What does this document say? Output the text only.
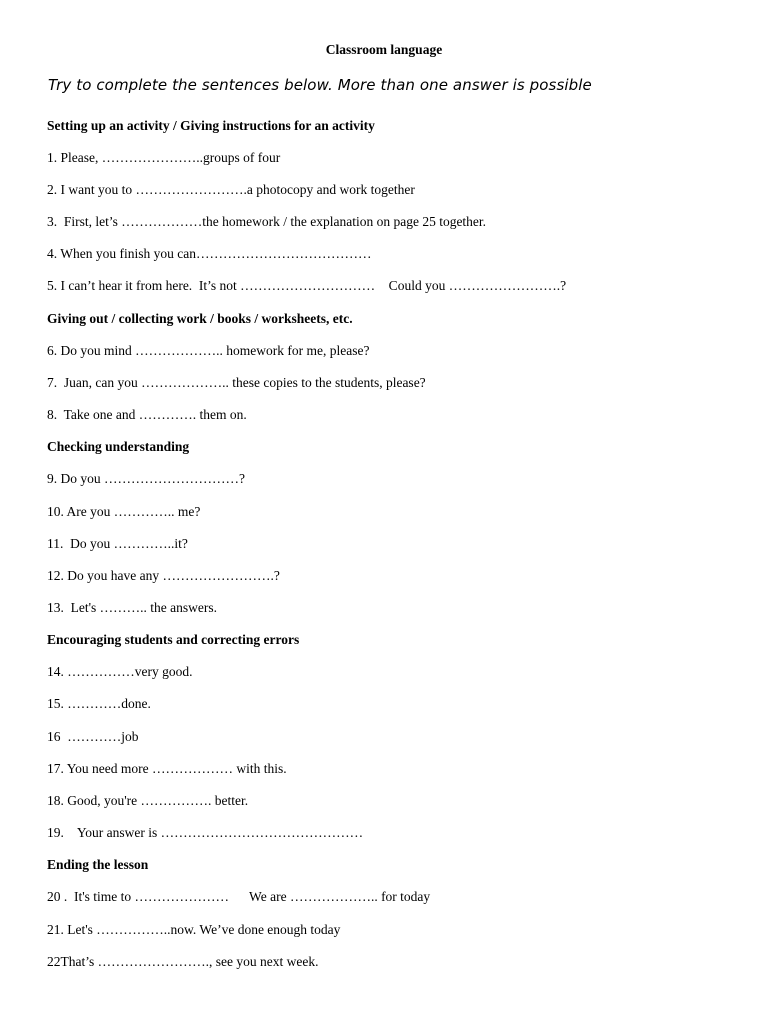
Classroom language
Try to complete the sentences below. More than one answer is possible
Setting up an activity / Giving instructions for an activity
1. Please, …………………..groups of four
2. I want you to …………………….a photocopy and work together
3.  First, let’s ………………the homework / the explanation on page 25 together.
4. When you finish you can…………………………………
5. I can’t hear it from here.  It’s not …………………………    Could you …………………….?
Giving out / collecting work / books / worksheets, etc.
6. Do you mind ……………….. homework for me, please?
7.  Juan, can you ……………….. these copies to the students, please?
8.  Take one and …………. them on.
Checking understanding
9. Do you …………………………?
10. Are you ………….. me?
11.  Do you …………..it?
12. Do you have any …………………….?
13.  Let's ……….. the answers.
Encouraging students and correcting errors
14. ……………very good.
15. …………done.
16  …………job
17. You need more ……………… with this.
18. Good, you're ……………. better.
19.    Your answer is ………………………………………
Ending the lesson
20 .  It's time to …………………      We are ……………….. for today
21. Let's ……………..now. We’ve done enough today
22That’s ……………………., see you next week.
